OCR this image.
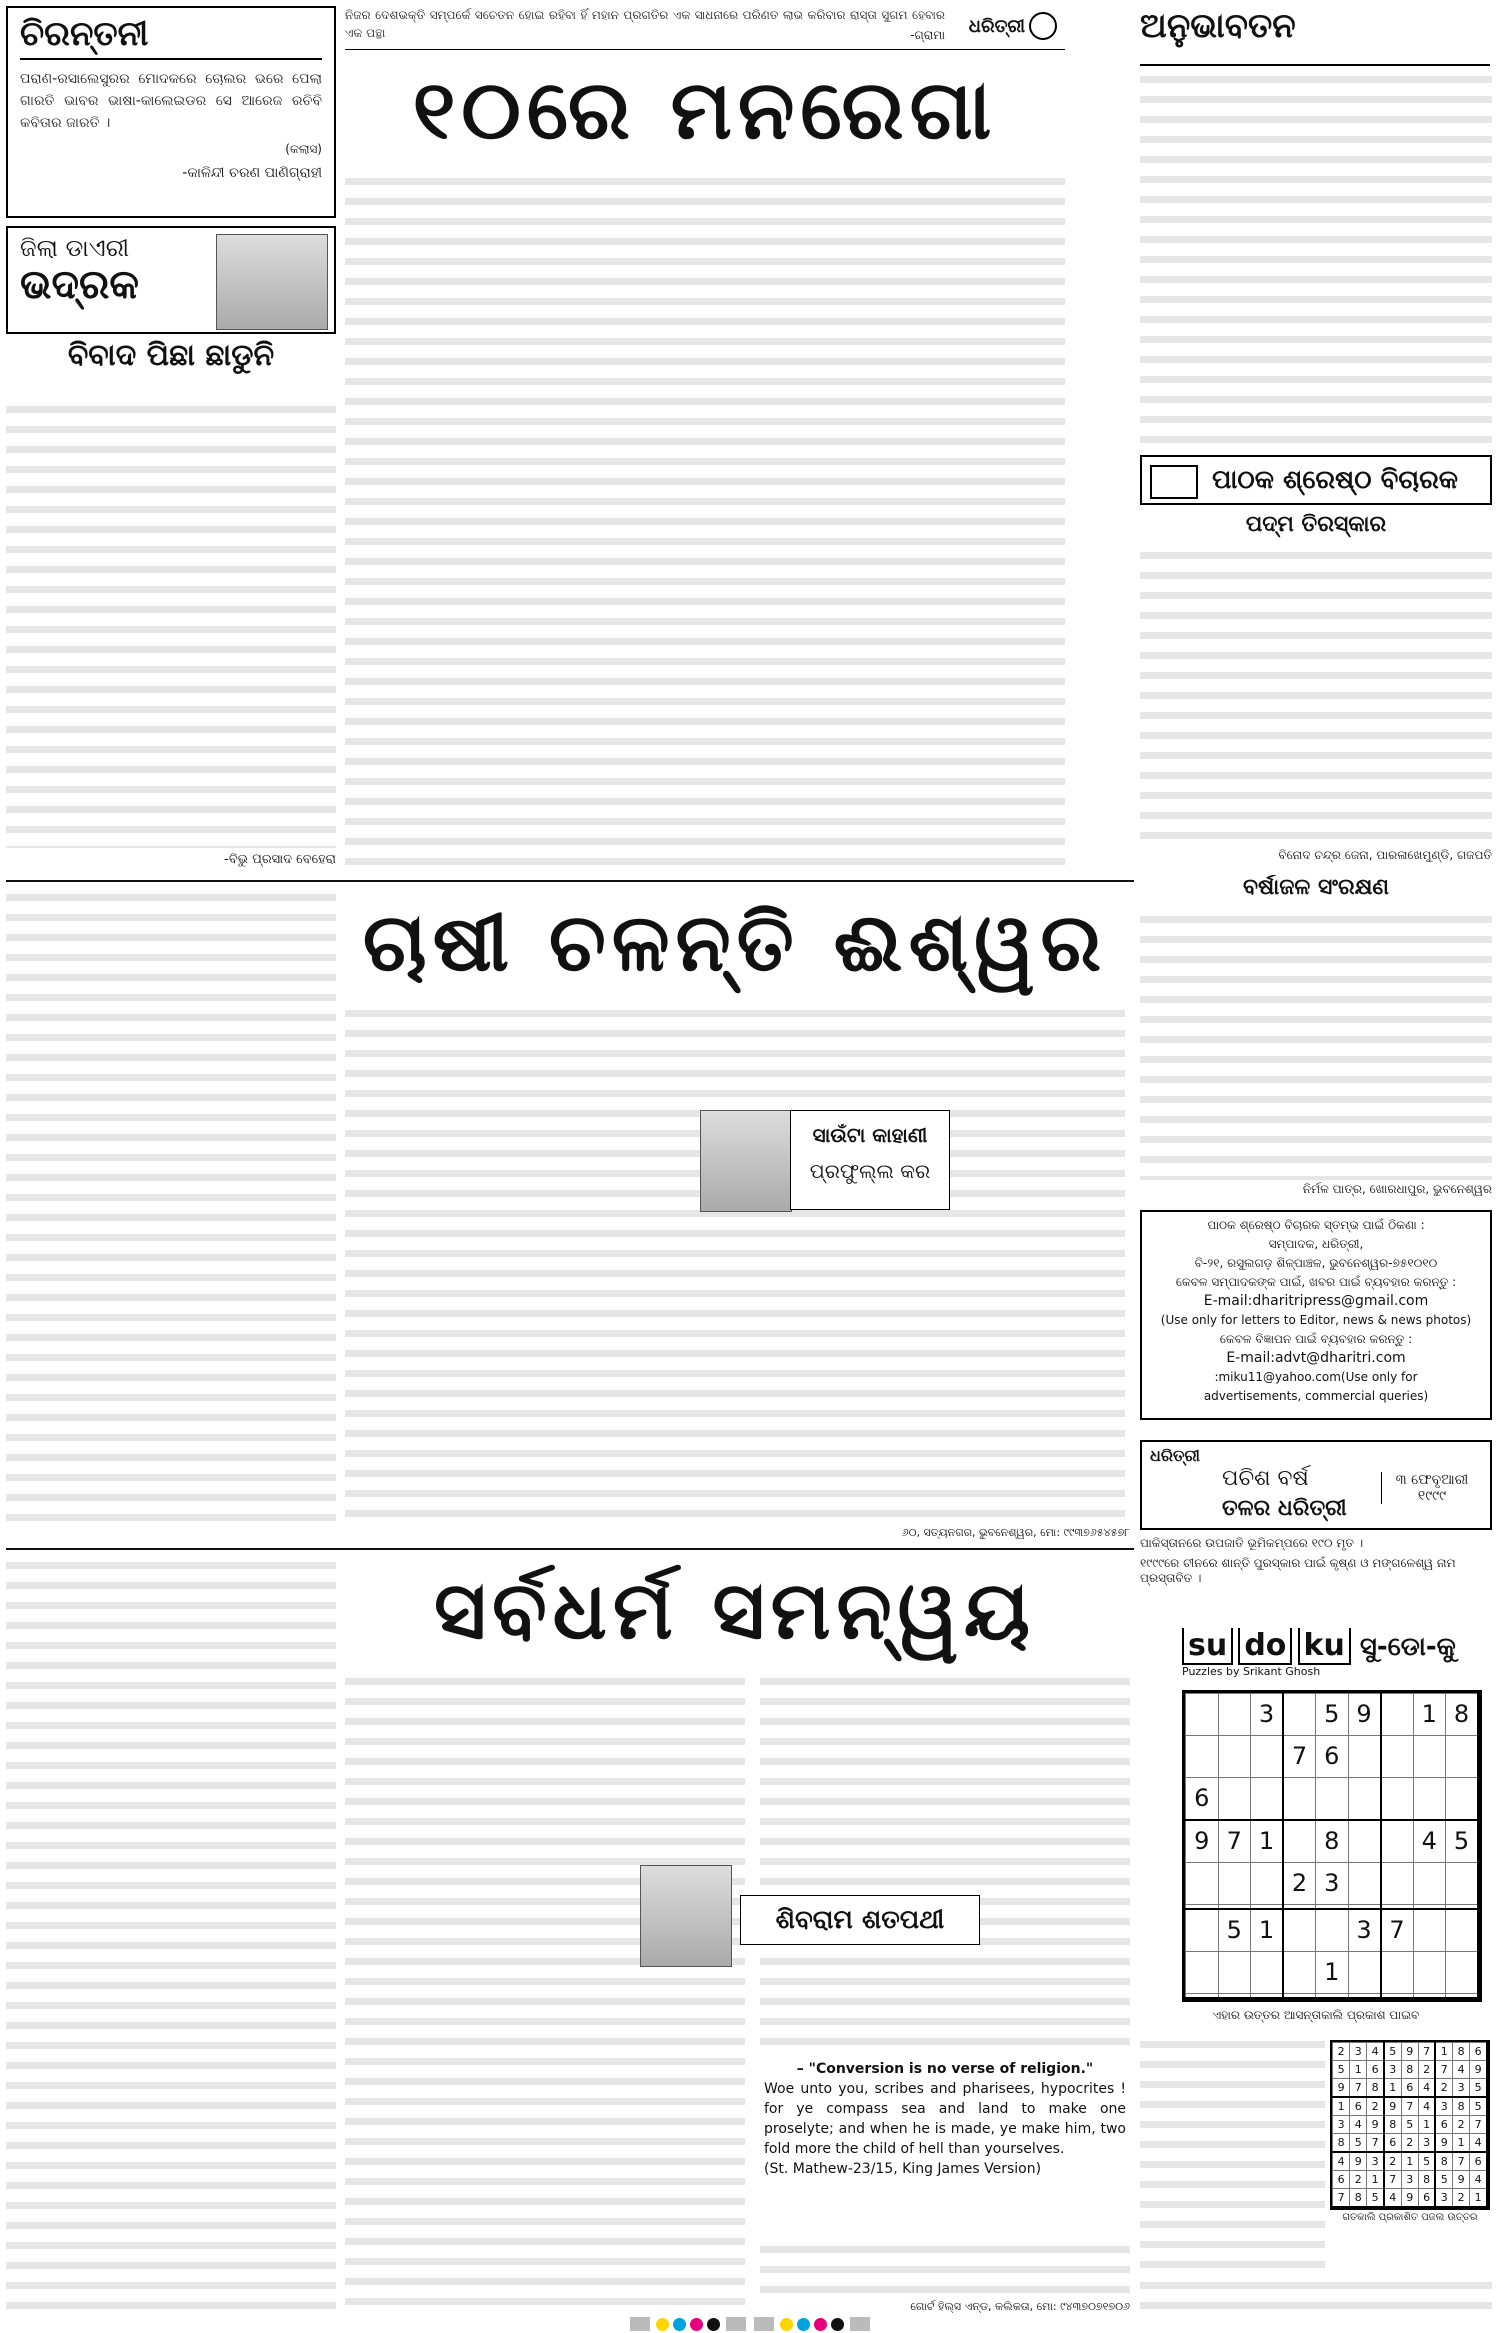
ନିଜର ଦେଶଭକ୍ତି ସମ୍ପର୍କେ ସଚେତନ ହୋଇ ରହିବା ହିଁ ମହାନ ପ୍ରଗତିର ଏକ ସାଧନାରେ ପରିଣତ ଲାଭ କରିବାର ରାସ୍ତା ସୁଗମ ହେବାର ଏକ ପନ୍ଥା	-ଗ୍ରାମା ଧରିତ୍ରୀ
ଚିରନ୍ତନୀ
ପରାଣ-ରସାଲେସୁରର ମୋଦକରେ ଚୋଲର ଭରେ ପେଲା ଗାରତି ଭାବର ଭାଷା-କାଲେଇଡର ସେ ଆରେଜ ରଚିବି କବିତାର ଜାରତି ।
(କଲାସ)
-କାଳିନ୍ଦୀ ଚରଣ ପାଣିଗ୍ରାହୀ
ଜିଲା ଡାଏରୀ
ଭଦ୍ରକ
ବିବାଦ ପିଛା ଛାଡୁନି
-ବିଭୁ ପ୍ରସାଦ ବେହେରା
୧୦ରେ ମନରେଗା
ଅନୁଭାବତନ
ପାଠକ ଶ୍ରେଷ୍ଠ ବିଚାରକ
ପଦ୍ମ ତିରସ୍କାର
ବିନୋଦ ଚନ୍ଦ୍ର ଜେନା, ପାରଳାଖେମୁଣ୍ଡି, ଗଜପତି
ବର୍ଷାଜଳ ସଂରକ୍ଷଣ
ନିର୍ମଳ ପାତ୍ର, ଖୋରଧାପୁର, ଭୁବନେଶ୍ୱର
ପାଠକ ଶ୍ରେଷ୍ଠ ବିଚାରକ ସ୍ତମ୍ଭ ପାଇଁ ଠିକଣା :
ସମ୍ପାଦକ, ଧରିତ୍ରୀ,
ବି-୨୧, ରସୁଲଗଡ଼ ଶିଳ୍ପାଞ୍ଚଳ, ଭୁବନେଶ୍ୱର-୭୫୧୦୧୦
କେବଳ ସମ୍ପାଦକଙ୍କ ପାଇଁ, ଖବର ପାଇଁ ବ୍ୟବହାର କରନ୍ତୁ :
E-mail:dharitripress@gmail.com
(Use only for letters to Editor, news & news photos)
କେବଳ ବିଜ୍ଞାପନ ପାଇଁ ବ୍ୟବହାର କରନ୍ତୁ :
E-mail:advt@dharitri.com
:miku11@yahoo.com(Use only for
advertisements, commercial queries)
ଚାଷୀ ଚଳନ୍ତି ଈଶ୍ୱର
ସାଉଁଟା କାହାଣୀ
ପ୍ରଫୁଲ୍ଲ କର
୬୦, ସତ୍ୟନଗର, ଭୁବନେଶ୍ୱର, ମୋ: ୯୯୩୭୬୫୪୫୭୮
ଧରିତ୍ରୀ
ପଚିଶ ବର୍ଷ
ତଳର ଧରିତ୍ରୀ
୩ ଫେବୃଆରୀ ୧୯୯୯
ପାକିସ୍ତାନରେ ଉପଜାତି ଭୂମିକମ୍ପରେ ୧୯୦ ମୃତ ।
୧୯୯୯ରେ ଚୀନରେ ଶାନ୍ତି ପୁରସ୍କାର ପାଇଁ କୃଷ୍ଣ ଓ ମଙ୍ଗଳେଶ୍ୱ ନାମ ପ୍ରସ୍ତାବିତ ।
ସର୍ବଧର୍ମ ସମନ୍ୱୟ
ଶିବରାମ ଶତପଥୀ
– "Conversion is no verse of religion."
Woe unto you, scribes and pharisees, hypocrites ! for ye compass sea and land to make one proselyte; and when he is made, ye make him, two fold more the child of hell than yourselves.
(St. Mathew-23/15, King James Version)
ଗୋର୍ଟ ହିଲ୍ସ ଏନ୍ଡ, କଲିକତା, ମୋ: ୯୪୩୭୦୭୧୭୦୬
su do ku ସୁ-ଡୋ-କୁ
Puzzles by Srikant Ghosh
		3		5	9		1	8
			7	6				
6								
9	7	1		8			4	5
			2	3				

	5	1			3	7		
				1				

ଏହାର ଉତ୍ତର ଆସନ୍ତାକାଲି ପ୍ରକାଶ ପାଇବ
2	3	4	5	9	7	1	8	6
5	1	6	3	8	2	7	4	9
9	7	8	1	6	4	2	3	5
1	6	2	9	7	4	3	8	5
3	4	9	8	5	1	6	2	7
8	5	7	6	2	3	9	1	4
4	9	3	2	1	5	8	7	6
6	2	1	7	3	8	5	9	4
7	8	5	4	9	6	3	2	1
ଗତକାଲି ପ୍ରକାଶିତ ପଜଲ ଉତ୍ତର
